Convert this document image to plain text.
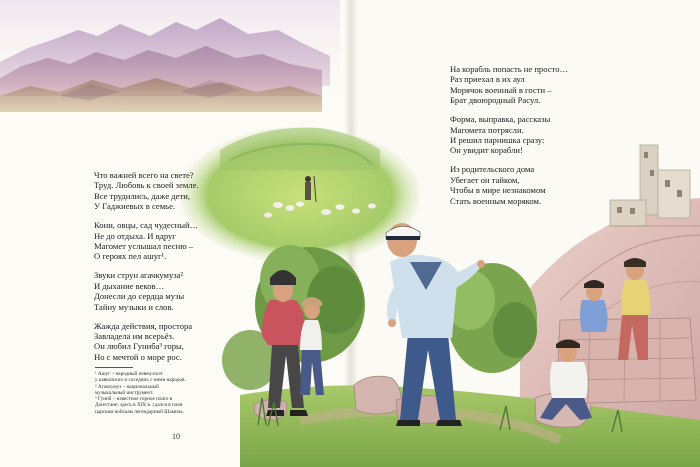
Что важней всего на свете?
Труд. Любовь к своей земле.
Все трудились, даже дети,
У Гаджиевых в семье.
Кони, овцы, сад чудесный…
Не до отдыха. И вдруг
Магомет услышал песню –
О героях пел ашуг¹.
Звуки струн агачкумуза²
И дыхание веков…
Донесли до сердца музы
Тайну музыки и слов.
Жажда действия, простора
Завладела им всерьёз.
Он любил Гуниба³ горы,
Но с мечтой о море рос.
На корабль попасть не просто…
Раз приехал в их аул
Морячок военный в гости –
Брат двоюродный Расул.
Форма, выправка, рассказы
Магомета потрясли.
И решил парнишка сразу:
Он увидит корабли!
Из родительского дома
Убегает он тайком,
Чтобы в мире незнакомом
Стать военным моряком.
¹ Ашуг – народный певец-поэт
у кавказских и соседних с ними народов.
² Агачкумуз – национальный
музыкальный инструмент.
³ Гуниб – известное горное плато в
Дагестане; здесь в XIX в. сдался в плен
царским войскам легендарный Шамиль.
10
